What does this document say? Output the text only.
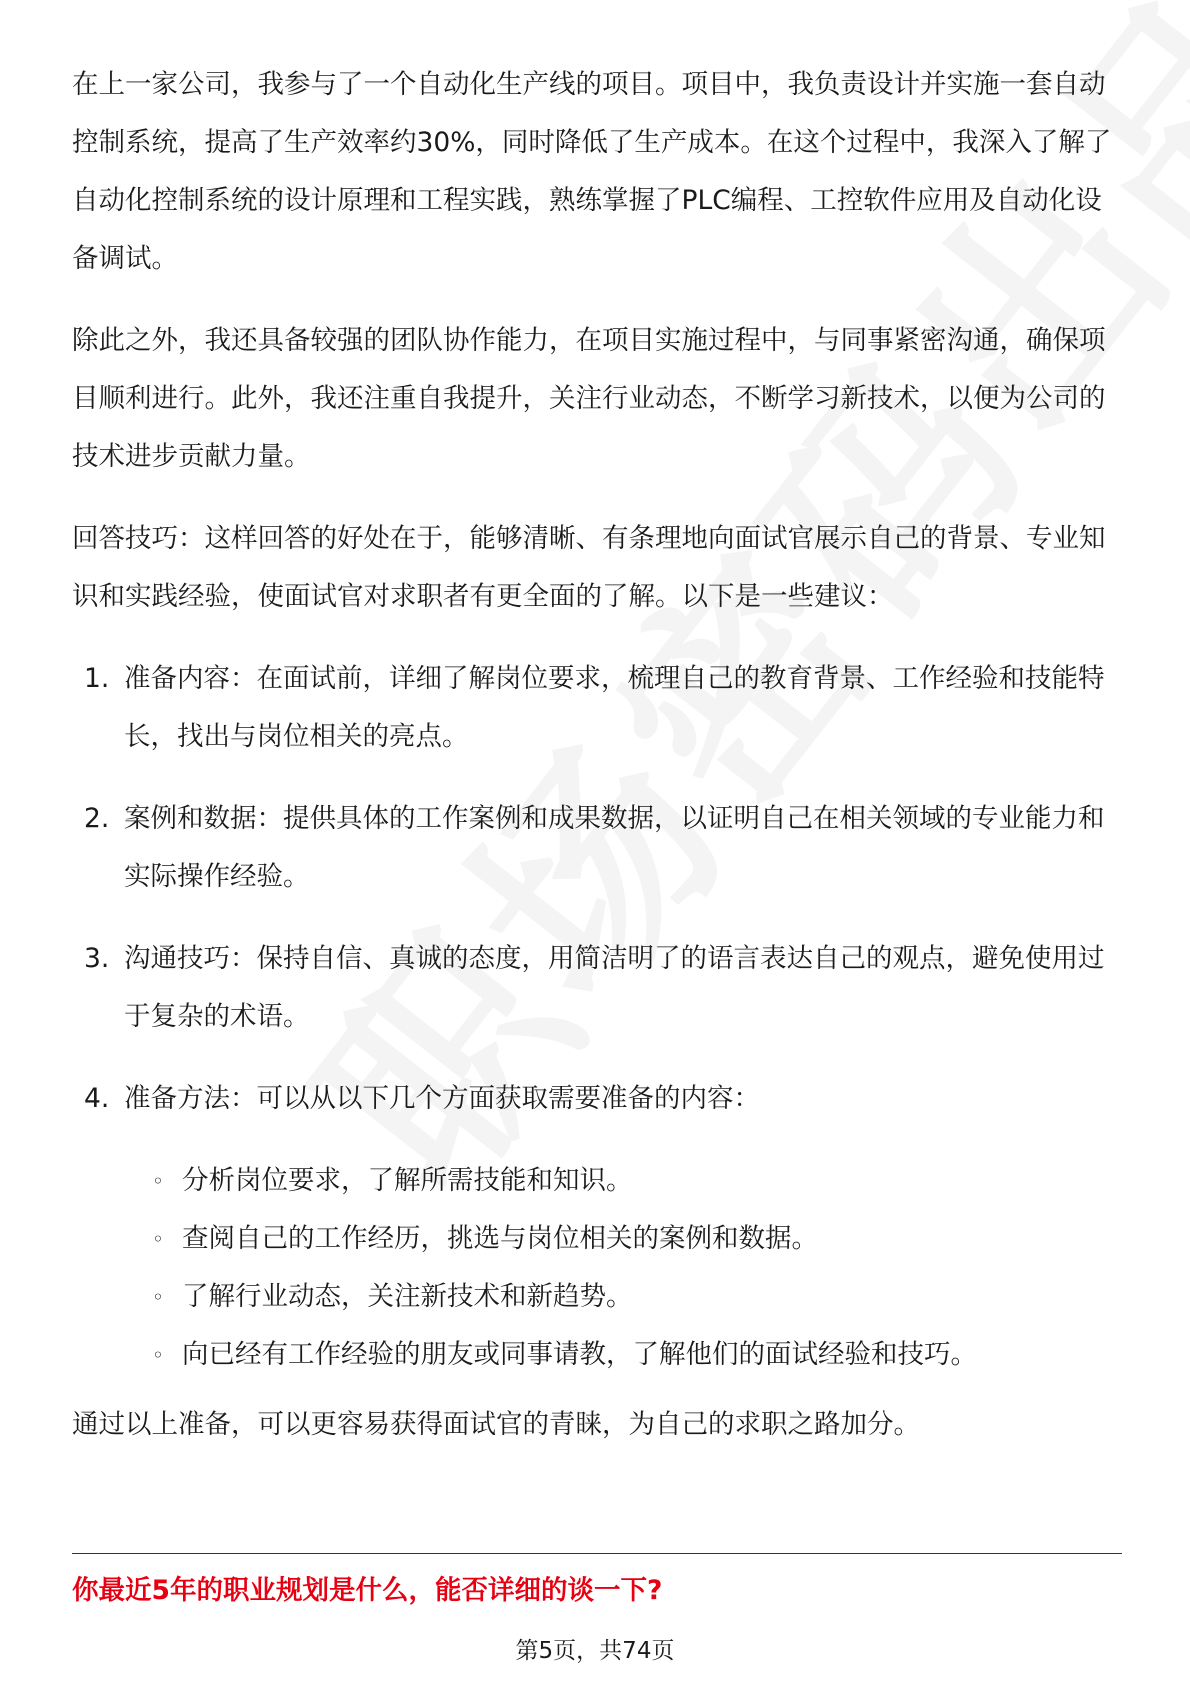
在上一家公司，我参与了一个自动化生产线的项目。项目中，我负责设计并实施一套自动控制系统，提高了生产效率约30%，同时降低了生产成本。在这个过程中，我深入了解了自动化控制系统的设计原理和工程实践，熟练掌握了PLC编程、工控软件应用及自动化设备调试。

除此之外，我还具备较强的团队协作能力，在项目实施过程中，与同事紧密沟通，确保项目顺利进行。此外，我还注重自我提升，关注行业动态，不断学习新技术，以便为公司的技术进步贡献力量。

回答技巧：这样回答的好处在于，能够清晰、有条理地向面试官展示自己的背景、专业知识和实践经验，使面试官对求职者有更全面的了解。以下是一些建议：

1. 准备内容：在面试前，详细了解岗位要求，梳理自己的教育背景、工作经验和技能特长，找出与岗位相关的亮点。
2. 案例和数据：提供具体的工作案例和成果数据，以证明自己在相关领域的专业能力和实际操作经验。
3. 沟通技巧：保持自信、真诚的态度，用简洁明了的语言表达自己的观点，避免使用过于复杂的术语。
4. 准备方法：可以从以下几个方面获取需要准备的内容：
◦ 分析岗位要求，了解所需技能和知识。
◦ 查阅自己的工作经历，挑选与岗位相关的案例和数据。
◦ 了解行业动态，关注新技术和新趋势。
◦ 向已经有工作经验的朋友或同事请教，了解他们的面试经验和技巧。

通过以上准备，可以更容易获得面试官的青睐，为自己的求职之路加分。

你最近5年的职业规划是什么，能否详细的谈一下?
第5页，共74页
